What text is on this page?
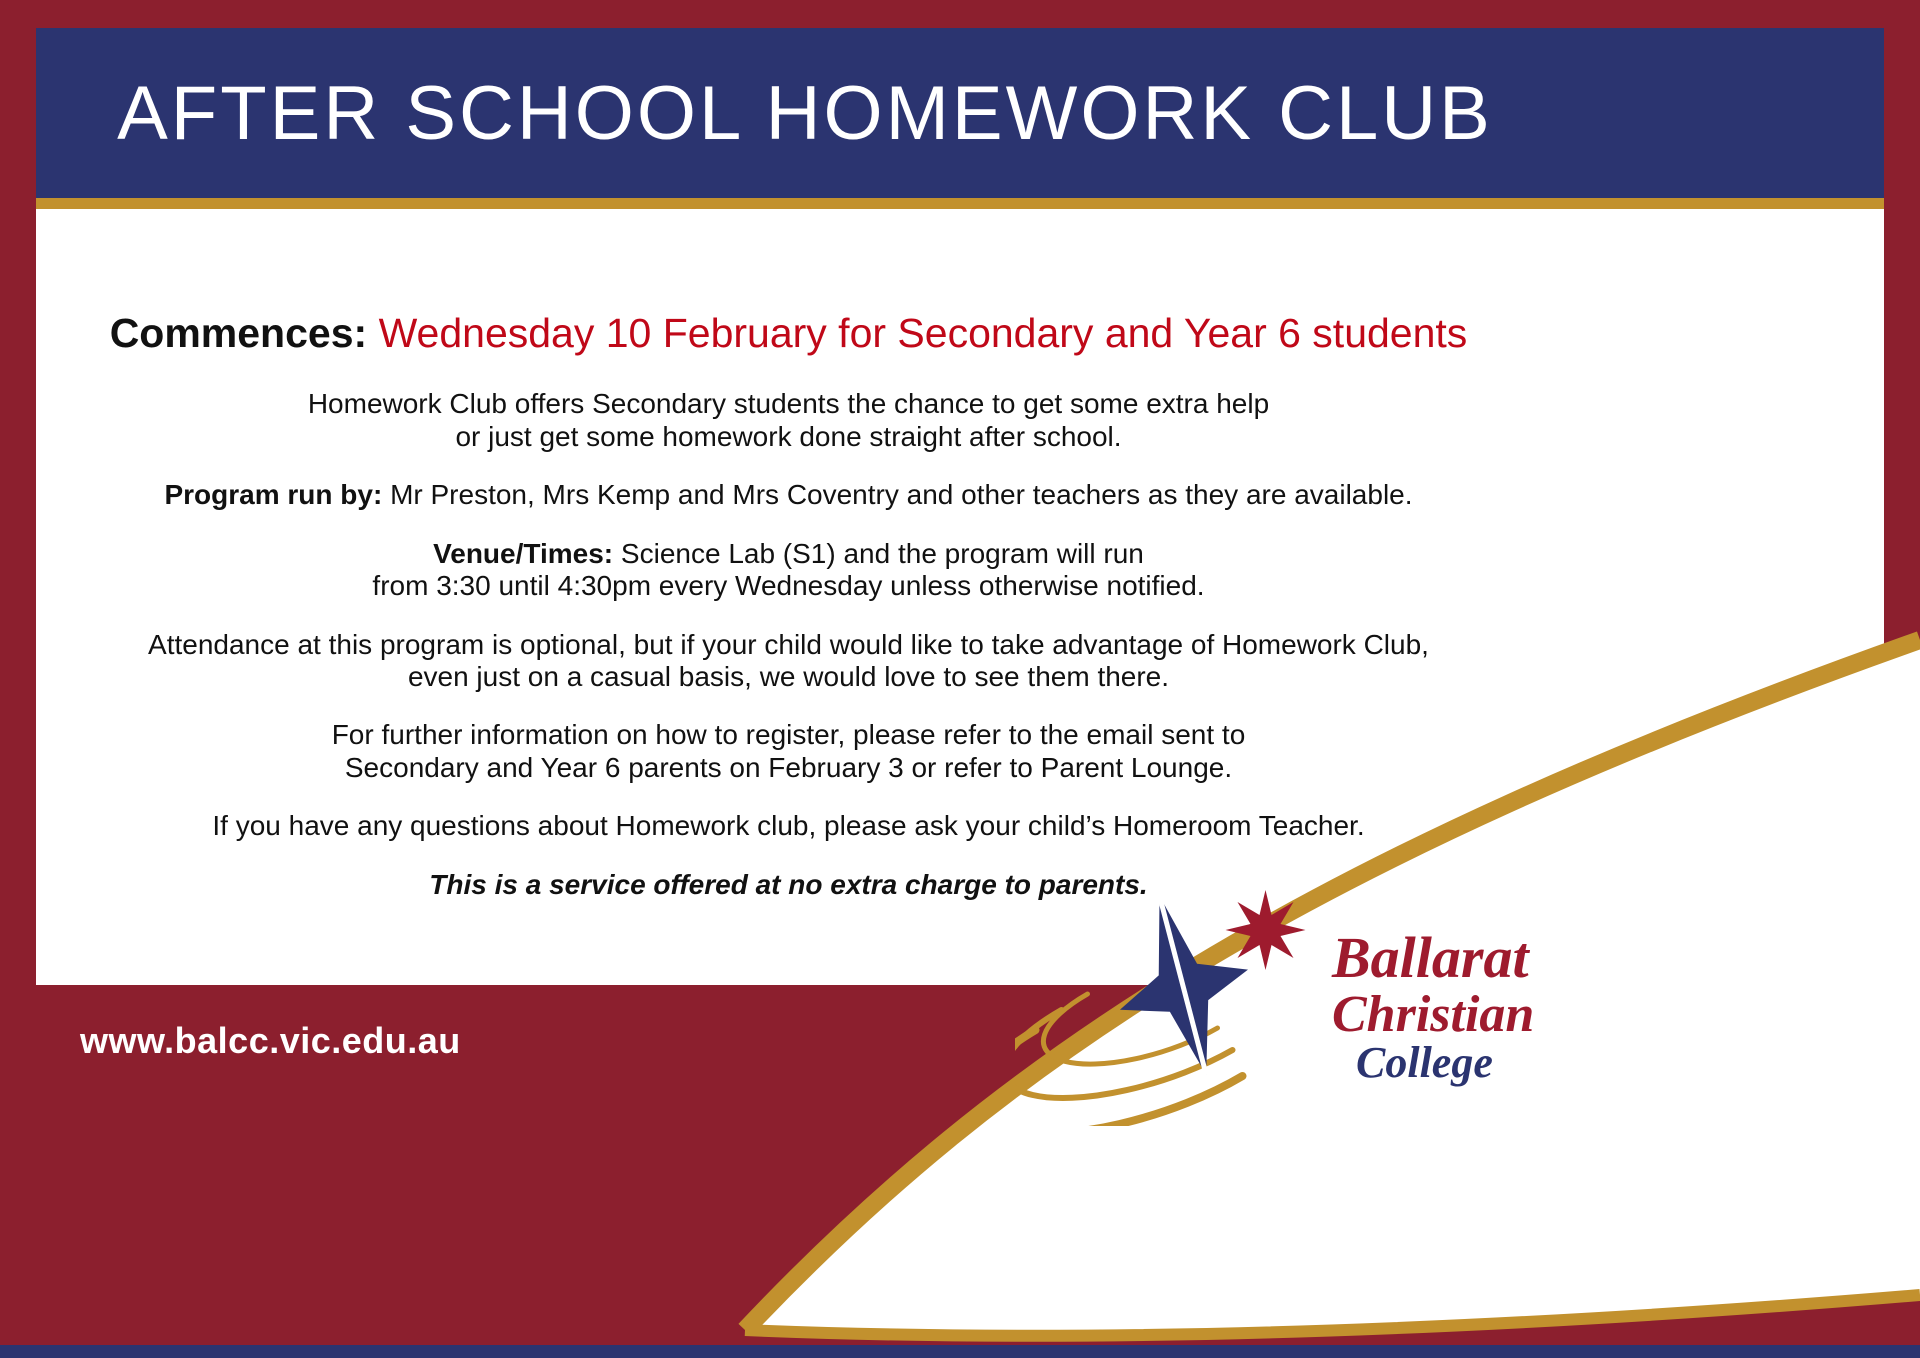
AFTER SCHOOL HOMEWORK CLUB

Commences: Wednesday 10 February for Secondary and Year 6 students

Homework Club offers Secondary students the chance to get some extra help
or just get some homework done straight after school.

Program run by: Mr Preston, Mrs Kemp and Mrs Coventry and other teachers as they are available.

Venue/Times: Science Lab (S1) and the program will run
from 3:30 until 4:30pm every Wednesday unless otherwise notified.

Attendance at this program is optional, but if your child would like to take advantage of Homework Club,
even just on a casual basis, we would love to see them there.

For further information on how to register, please refer to the email sent to
Secondary and Year 6 parents on February 3 or refer to Parent Lounge.

If you have any questions about Homework club, please ask your child’s Homeroom Teacher.

This is a service offered at no extra charge to parents.

www.balcc.vic.edu.au
Ballarat
Christian
College
